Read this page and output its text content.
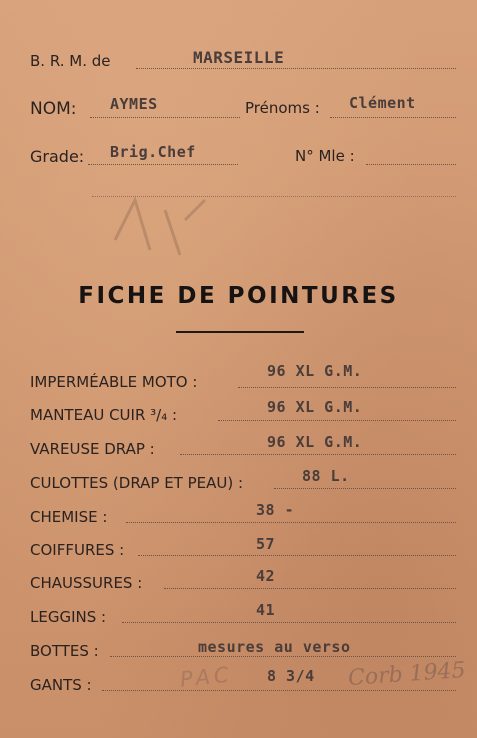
B. R. M. de	MARSEILLE
NOM: AYMES	Prénoms : Clément
Grade: Brig.Chef	N° Mle :
FICHE DE POINTURES
IMPERMÉABLE MOTO :
96 XL G.M.
MANTEAU CUIR ³/₄ :	96 XL G.M.
VAREUSE DRAP :	96 XL G.M.
CULOTTES (DRAP ET PEAU) :	88 L.
CHEMISE :	38 -
COIFFURES :	57
CHAUSSURES :	42
LEGGINS :	41
BOTTES :	mesures au verso
GANTS :	8 3/4
PAC	Corb 1945
